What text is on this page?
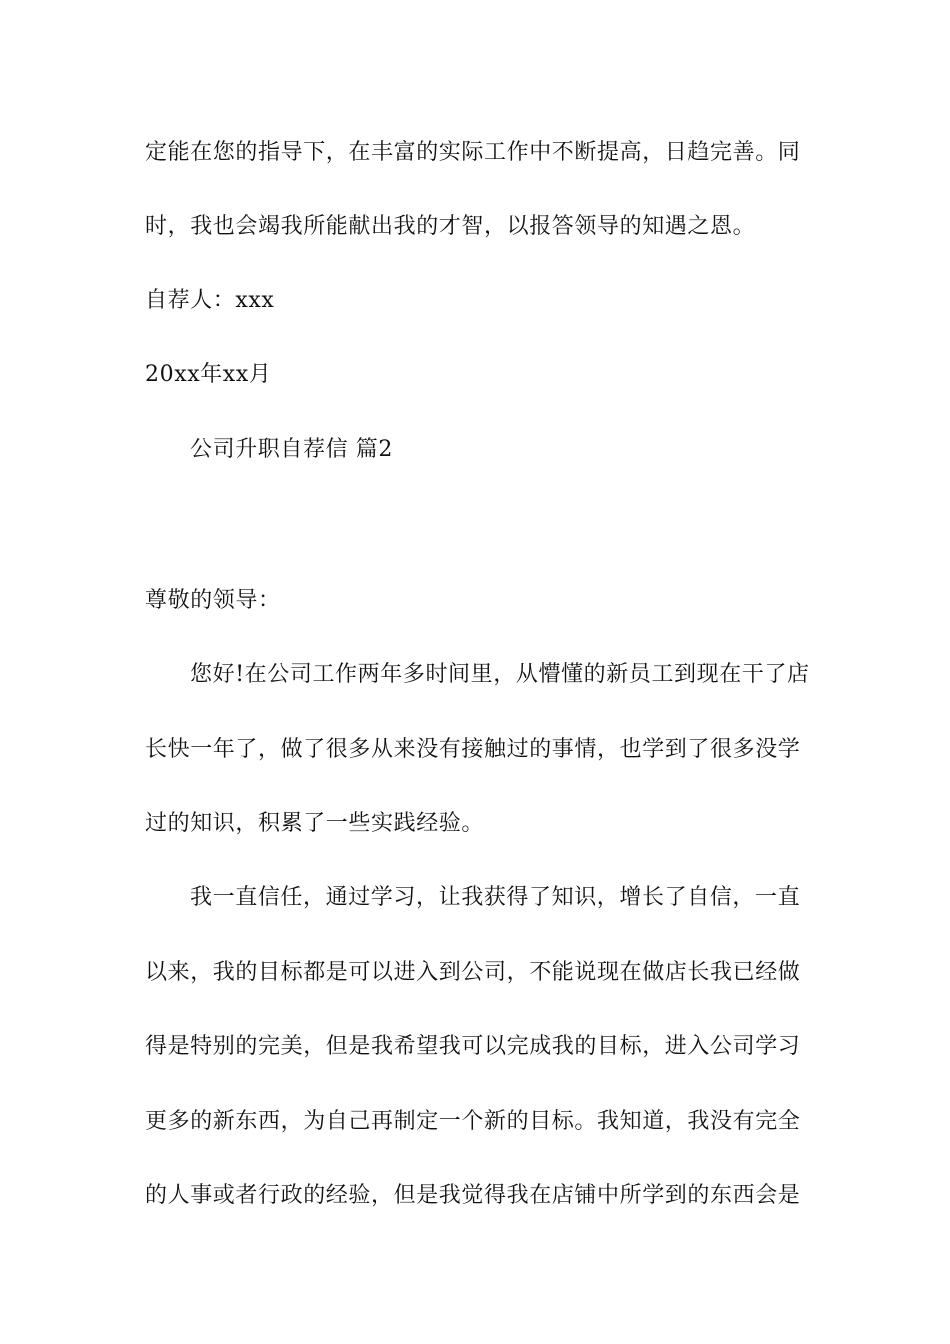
定能在您的指导下，在丰富的实际工作中不断提高，日趋完善。同
时，我也会竭我所能献出我的才智，以报答领导的知遇之恩。
自荐人：xxx
20xx年xx月
公司升职自荐信 篇2
尊敬的领导：
您好!在公司工作两年多时间里，从懵懂的新员工到现在干了店
长快一年了，做了很多从来没有接触过的事情，也学到了很多没学
过的知识，积累了一些实践经验。
我一直信任，通过学习，让我获得了知识，增长了自信，一直
以来，我的目标都是可以进入到公司，不能说现在做店长我已经做
得是特别的完美，但是我希望我可以完成我的目标，进入公司学习
更多的新东西，为自己再制定一个新的目标。我知道，我没有完全
的人事或者行政的经验，但是我觉得我在店铺中所学到的东西会是
